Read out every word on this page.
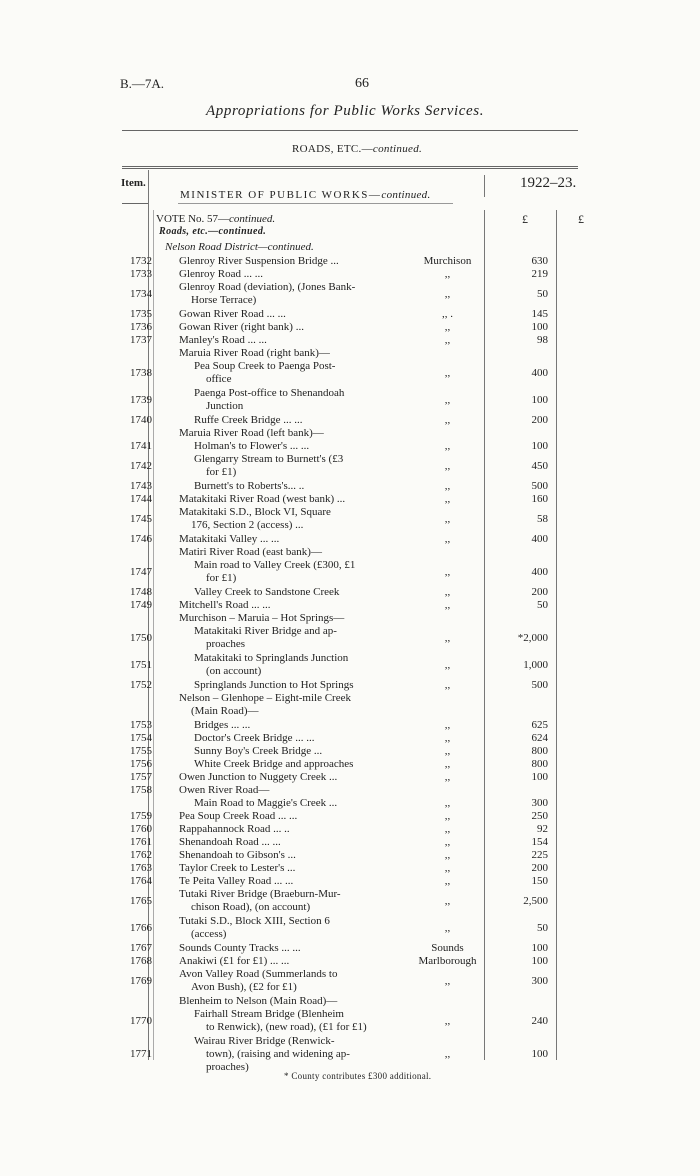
B.—7A.	66
Appropriations for Public Works Services.
ROADS, ETC.—continued.
Item.	1922–23.
MINISTER OF PUBLIC WORKS—continued.
£	£
VOTE No. 57—continued.
Roads, etc.—continued.
Nelson Road District—continued.
1732 Glenroy River Suspension Bridge ...	Murchison	630
1733 Glenroy Road ... ...	,,	219
1734
Glenroy Road (deviation), (Jones Bank-
Horse Terrace)	,,	50
1735 Gowan River Road ... ...	,, .	145
1736 Gowan River (right bank) ...	,,	100
1737 Manley's Road ... ...	,,	98
Maruia River Road (right bank)—
1738
Pea Soup Creek to Paenga Post-
office	,,	400
1739
Paenga Post-office to Shenandoah
Junction	,,	100
1740	Ruffe Creek Bridge ... ...	,,	200
Maruia River Road (left bank)—
1741	Holman's to Flower's ... ...	,,	100
1742
Glengarry Stream to Burnett's (£3
for £1)	,,	450
1743	Burnett's to Roberts's... ..	,,	500
1744 Matakitaki River Road (west bank) ...	,,	160
1745
Matakitaki S.D., Block VI, Square
176, Section 2 (access) ...	,,	58
1746 Matakitaki Valley ... ...	,,	400
Matiri River Road (east bank)—
1747
Main road to Valley Creek (£300, £1
for £1)	,,	400
1748	Valley Creek to Sandstone Creek	,,	200
1749 Mitchell's Road ... ...	,,	50
Murchison – Maruia – Hot Springs—
1750
Matakitaki River Bridge and ap-
proaches	,,	*2,000
1751
Matakitaki to Springlands Junction
(on account)	,,	1,000
1752	Springlands Junction to Hot Springs	,,	500
Nelson – Glenhope – Eight-mile Creek
(Main Road)—
1753	Bridges ... ...	,,	625
1754	Doctor's Creek Bridge ... ...	,,	624
1755	Sunny Boy's Creek Bridge ...	,,	800
1756	White Creek Bridge and approaches	,,	800
1757 Owen Junction to Nuggety Creek ...	,,	100
1758 Owen River Road—
Main Road to Maggie's Creek ...	,,	300
1759 Pea Soup Creek Road ... ...	,,	250
1760 Rappahannock Road ... ..	,,	92
1761 Shenandoah Road ... ...	,,	154
1762 Shenandoah to Gibson's ...	,,	225
1763 Taylor Creek to Lester's ...	,,	200
1764 Te Peita Valley Road ... ...	,,	150
1765
Tutaki River Bridge (Braeburn-Mur-
chison Road), (on account)	,,	2,500
1766
Tutaki S.D., Block XIII, Section 6
(access)	,,	50
1767 Sounds County Tracks ... ...	Sounds	100
1768 Anakiwi (£1 for £1) ... ...	Marlborough	100
1769
Avon Valley Road (Summerlands to
Avon Bush), (£2 for £1)	,,	300
Blenheim to Nelson (Main Road)—
1770
Fairhall Stream Bridge (Blenheim
to Renwick), (new road), (£1 for £1)	,,	240
1771
Wairau River Bridge (Renwick-
town), (raising and widening ap-
proaches)
,,	100
* County contributes £300 additional.
